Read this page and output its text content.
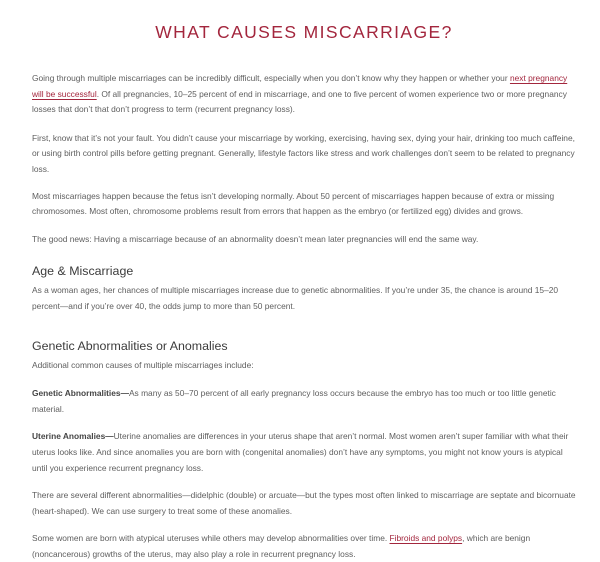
WHAT CAUSES MISCARRIAGE?

Going through multiple miscarriages can be incredibly difficult, especially when you don’t know why they happen or whether your next pregnancy will be successful. Of all pregnancies, 10–25 percent of end in miscarriage, and one to five percent of women experience two or more pregnancy losses that don’t that don’t progress to term (recurrent pregnancy loss).

First, know that it’s not your fault. You didn’t cause your miscarriage by working, exercising, having sex, dying your hair, drinking too much caffeine, or using birth control pills before getting pregnant. Generally, lifestyle factors like stress and work challenges don’t seem to be related to pregnancy loss.

Most miscarriages happen because the fetus isn’t developing normally. About 50 percent of miscarriages happen because of extra or missing chromosomes. Most often, chromosome problems result from errors that happen as the embryo (or fertilized egg) divides and grows.

The good news: Having a miscarriage because of an abnormality doesn’t mean later pregnancies will end the same way.

Age & Miscarriage

As a woman ages, her chances of multiple miscarriages increase due to genetic abnormalities. If you’re under 35, the chance is around 15–20 percent—and if you’re over 40, the odds jump to more than 50 percent.

Genetic Abnormalities or Anomalies

Additional common causes of multiple miscarriages include:

Genetic Abnormalities—As many as 50–70 percent of all early pregnancy loss occurs because the embryo has too much or too little genetic material.

Uterine Anomalies—Uterine anomalies are differences in your uterus shape that aren’t normal. Most women aren’t super familiar with what their uterus looks like. And since anomalies you are born with (congenital anomalies) don’t have any symptoms, you might not know yours is atypical until you experience recurrent pregnancy loss.

There are several different abnormalities—didelphic (double) or arcuate—but the types most often linked to miscarriage are septate and bicornuate (heart-shaped). We can use surgery to treat some of these anomalies.

Some women are born with atypical uteruses while others may develop abnormalities over time. Fibroids and polyps, which are benign (noncancerous) growths of the uterus, may also play a role in recurrent pregnancy loss.
